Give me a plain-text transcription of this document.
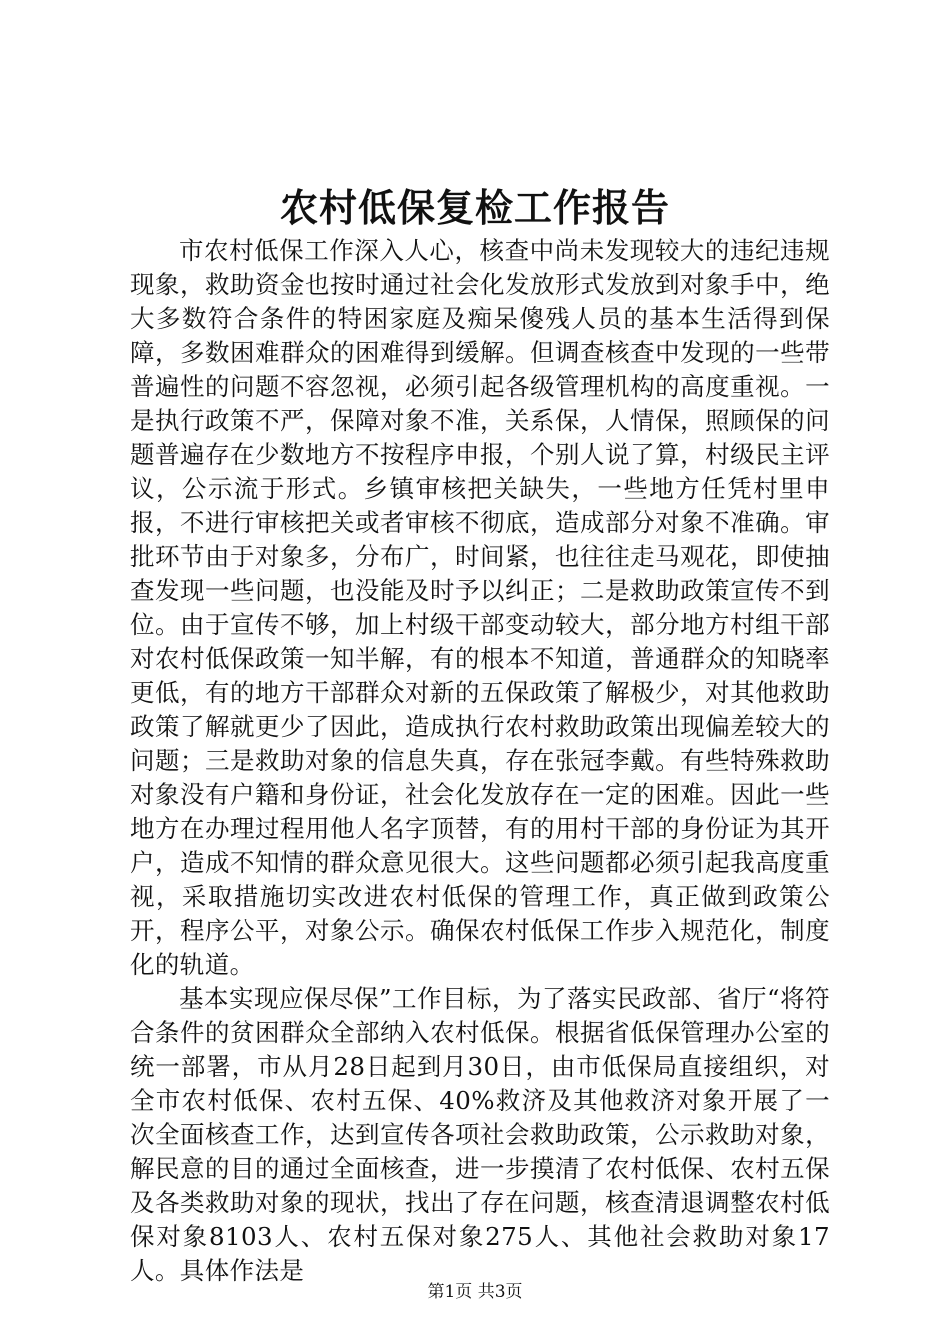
农村低保复检工作报告

市农村低保工作深入人心，核查中尚未发现较大的违纪违规现象，救助资金也按时通过社会化发放形式发放到对象手中，绝大多数符合条件的特困家庭及痴呆傻残人员的基本生活得到保障，多数困难群众的困难得到缓解。但调查核查中发现的一些带普遍性的问题不容忽视，必须引起各级管理机构的高度重视。一是执行政策不严，保障对象不准，关系保，人情保，照顾保的问题普遍存在少数地方不按程序申报，个别人说了算，村级民主评议，公示流于形式。乡镇审核把关缺失，一些地方任凭村里申报，不进行审核把关或者审核不彻底，造成部分对象不准确。审批环节由于对象多，分布广，时间紧，也往往走马观花，即使抽查发现一些问题，也没能及时予以纠正；二是救助政策宣传不到位。由于宣传不够，加上村级干部变动较大，部分地方村组干部对农村低保政策一知半解，有的根本不知道，普通群众的知晓率更低，有的地方干部群众对新的五保政策了解极少，对其他救助政策了解就更少了因此，造成执行农村救助政策出现偏差较大的问题；三是救助对象的信息失真，存在张冠李戴。有些特殊救助对象没有户籍和身份证，社会化发放存在一定的困难。因此一些地方在办理过程用他人名字顶替，有的用村干部的身份证为其开户，造成不知情的群众意见很大。这些问题都必须引起我高度重视，采取措施切实改进农村低保的管理工作，真正做到政策公开，程序公平，对象公示。确保农村低保工作步入规范化，制度化的轨道。

基本实现应保尽保”工作目标，为了落实民政部、省厅“将符合条件的贫困群众全部纳入农村低保。根据省低保管理办公室的统一部署，市从月28日起到月30日，由市低保局直接组织，对全市农村低保、农村五保、40%救济及其他救济对象开展了一次全面核查工作，达到宣传各项社会救助政策，公示救助对象，解民意的目的通过全面核查，进一步摸清了农村低保、农村五保及各类救助对象的现状，找出了存在问题，核查清退调整农村低保对象8103人、农村五保对象275人、其他社会救助对象17人。具体作法是

第1页 共3页
